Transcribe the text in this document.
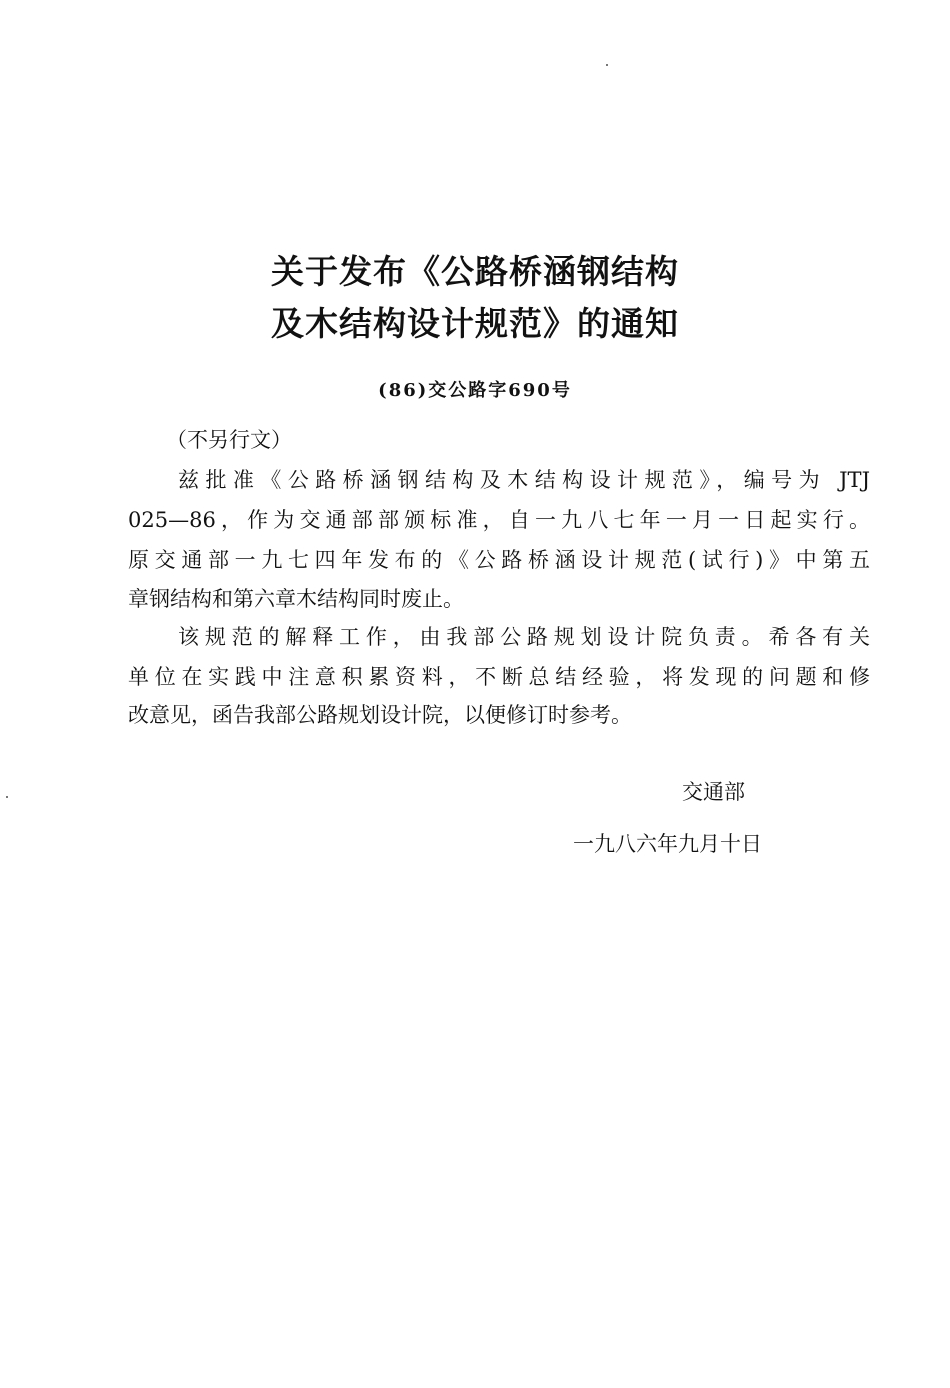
关于发布《公路桥涵钢结构
及木结构设计规范》的通知
(86)交公路字690号
（不另行文）
兹批准《公路桥涵钢结构及木结构设计规范》，编号为 JTJ
025—86，作为交通部部颁标准，自一九八七年一月一日起实行。
原交通部一九七四年发布的《公路桥涵设计规范(试行)》中第五
章钢结构和第六章木结构同时废止。
该规范的解释工作，由我部公路规划设计院负责。希各有关
单位在实践中注意积累资料，不断总结经验，将发现的问题和修
改意见，函告我部公路规划设计院，以便修订时参考。
交通部
一九八六年九月十日
